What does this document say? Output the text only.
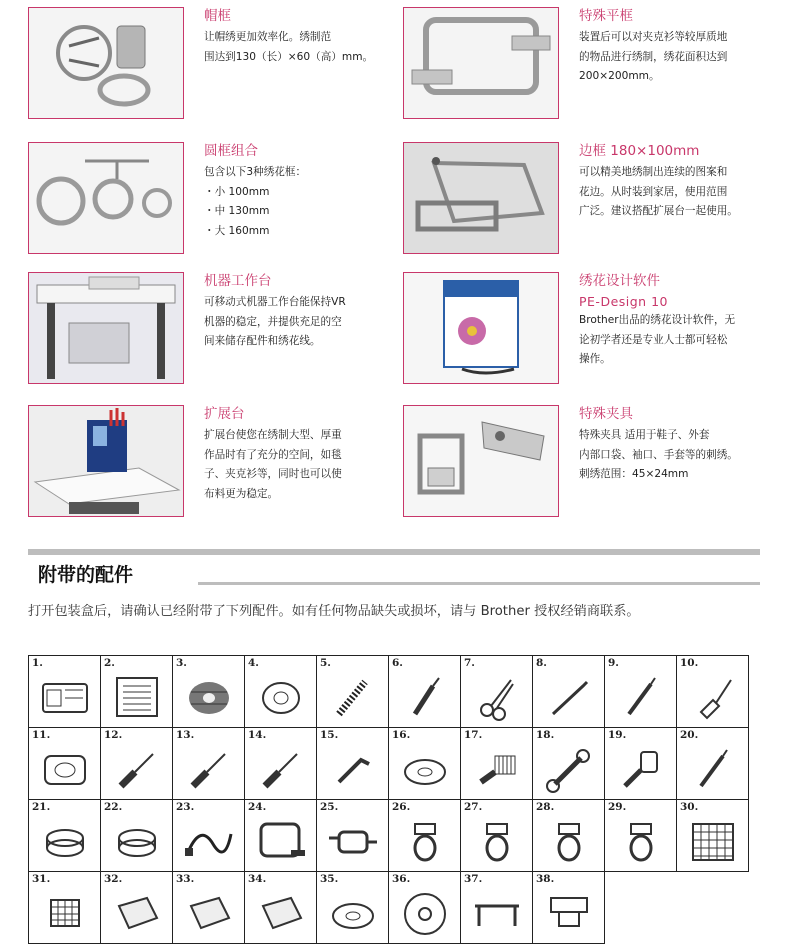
帽框
让帽绣更加效率化。绣制范
围达到130（长）×60（高）mm。
特殊平框
装置后可以对夹克衫等较厚质地
的物品进行绣制，绣花面积达到
200×200mm。
圆框组合
包含以下3种绣花框：
・小 100mm
・中 130mm
・大 160mm
边框 180×100mm
可以精美地绣制出连续的图案和
花边。从时装到家居，使用范围
广泛。建议搭配扩展台一起使用。
机器工作台
可移动式机器工作台能保持VR
机器的稳定，并提供充足的空
间来储存配件和绣花线。
绣花设计软件
PE-Design 10
Brother出品的绣花设计软件，无
论初学者还是专业人士都可轻松
操作。
扩展台
扩展台使您在绣制大型、厚重
作品时有了充分的空间，如毯
子、夹克衫等，同时也可以使
布料更为稳定。
特殊夹具
特殊夹具 适用于鞋子、外套
内部口袋、袖口、手套等的刺绣。
刺绣范围：45×24mm
附带的配件
打开包装盒后，请确认已经附带了下列配件。如有任何物品缺失或损坏，请与 Brother 授权经销商联系。
1.	2.	3.	4.	5.	6.	7.	8.	9.	10.

11.	12.	13.	14.	15.	16.	17.	18.	19.	20.

21.	22.	23.	24.	25.	26.	27.	28.	29.	30.

31.	32.	33.	34.	35.	36.	37.	38.		
